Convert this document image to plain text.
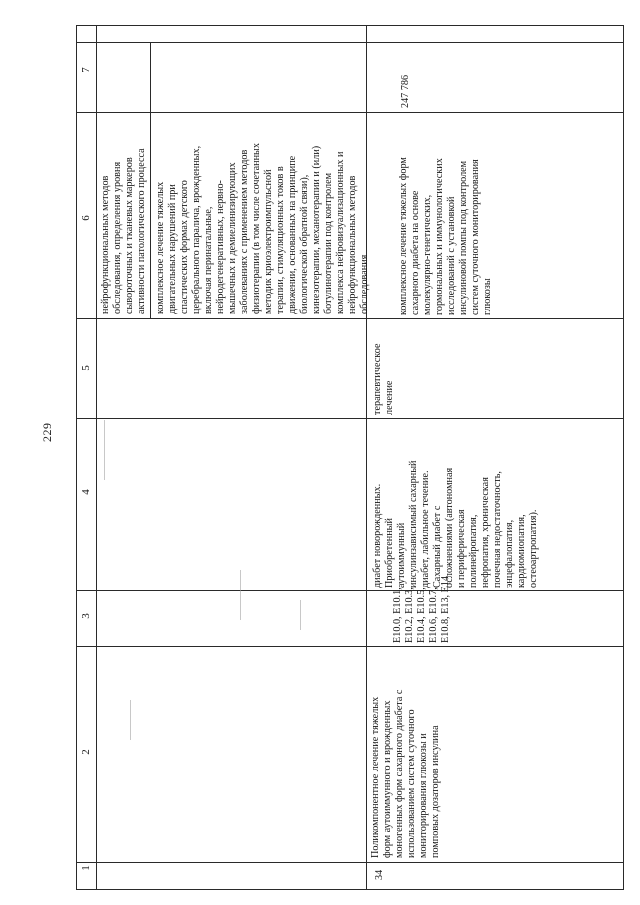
229
1
2
3
4
5
6
7
нейрофункциональных методов обследования, определения уровня сывороточных и тканевых маркеров активности патологического процесса комплексное лечение тяжелых двигательных нарушений при спастических формах детского церебрального паралича, врожденных, включая перинатальные, нейродегенеративных, нервно- мышечных и демиелинизирующих заболеваниях с применением методов физиотерапии (в том числе сочетанных методик криоэлектроимпульсной терапии, стимуляционных токов в движении, основанных на принципе биологической обратной связи), кинезотерапии, механотерапии и (или) ботулинотерапии под контролем комплекса нейровизуализационных и нейрофункциональных методов обследования
34
Поликомпонентное лечение тяжелых форм аутоиммунного и врожденных моногенных форм сахарного диабета с использованием систем суточного мониторирования глюкозы и помповых дозаторов инсулина
E10.0, E10.1, E10.2, E10.3, E10.4, E10.5, E10.6, E10.7, E10.8, E13, E14
диабет новорожденных. Приобретенный аутоиммунный инсулинзависимый сахарный диабет, лабильное течение. Сахарный диабет с осложнениями (автономная и периферическая полинейропатия, нефропатия, хроническая почечная недостаточность, энцефалопатия, кардиомиопатия, остеоартропатия).
терапевтическое лечение
комплексное лечение тяжелых форм сахарного диабета на основе молекулярно-генетических, гормональных и иммунологических исследований с установкой инсулиновой помпы под контролем систем суточного мониторирования глюкозы
247 786
